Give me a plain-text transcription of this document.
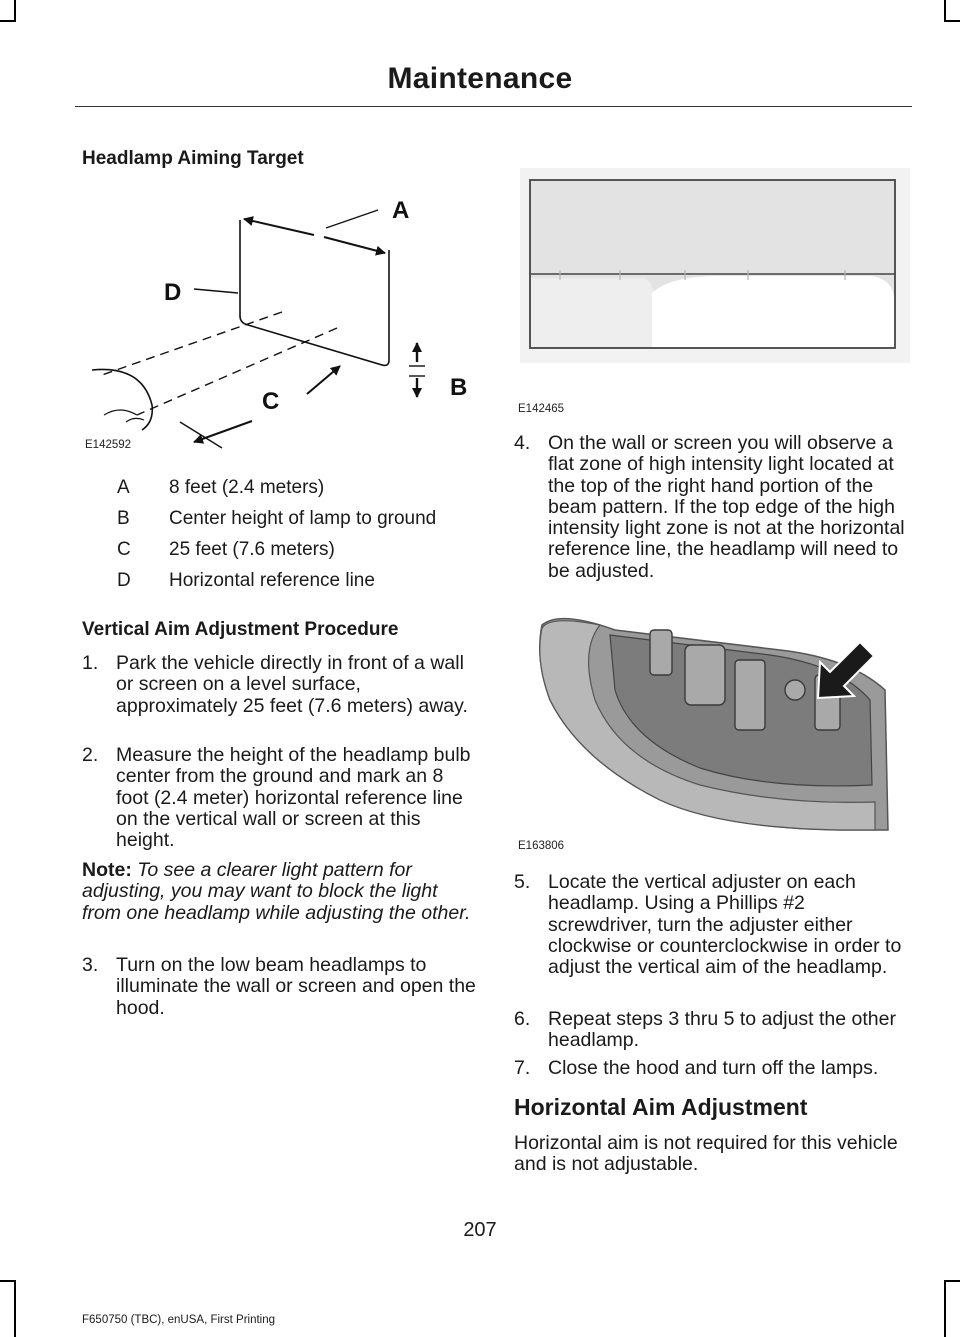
Maintenance
Headlamp Aiming Target
A
D
B
C
E142592
A	8 feet (2.4 meters)
B	Center height of lamp to ground
C	25 feet (7.6 meters)
D	Horizontal reference line
Vertical Aim Adjustment Procedure
1. Park the vehicle directly in front of a wall or screen on a level surface, approximately 25 feet (7.6 meters) away.
2. Measure the height of the headlamp bulb center from the ground and mark an 8 foot (2.4 meter) horizontal reference line on the vertical wall or screen at this height.
Note: To see a clearer light pattern for adjusting, you may want to block the light from one headlamp while adjusting the other.
3. Turn on the low beam headlamps to illuminate the wall or screen and open the hood.
E142465
4. On the wall or screen you will observe a flat zone of high intensity light located at the top of the right hand portion of the beam pattern. If the top edge of the high intensity light zone is not at the horizontal reference line, the headlamp will need to be adjusted.
E163806
5. Locate the vertical adjuster on each headlamp. Using a Phillips #2 screwdriver, turn the adjuster either clockwise or counterclockwise in order to adjust the vertical aim of the headlamp.
6. Repeat steps 3 thru 5 to adjust the other headlamp.
7. Close the hood and turn off the lamps.
Horizontal Aim Adjustment
Horizontal aim is not required for this vehicle and is not adjustable.
207
F650750 (TBC), enUSA, First Printing
